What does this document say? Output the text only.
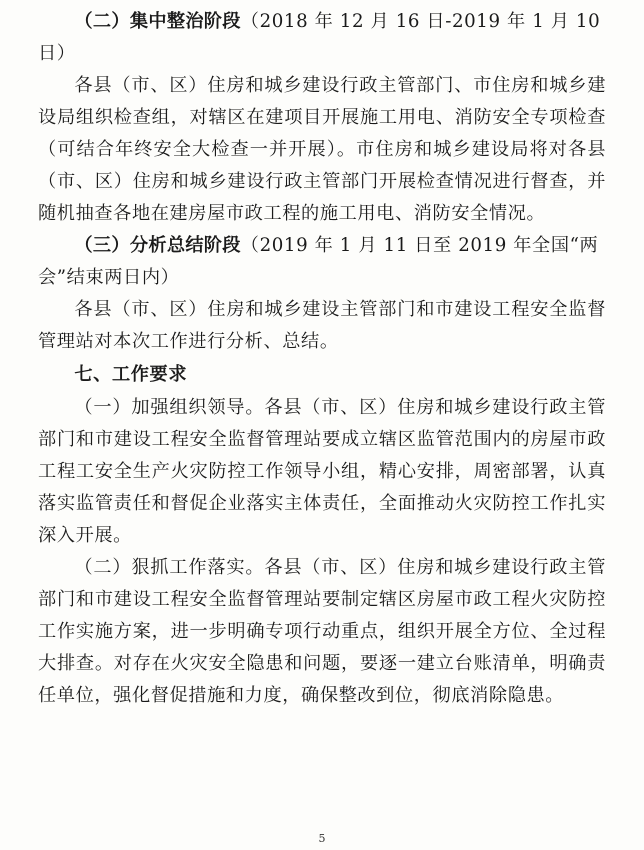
（二）集中整治阶段（2018 年 12 月 16 日-2019 年 1 月 10 日）

各县（市、区）住房和城乡建设行政主管部门、市住房和城乡建设局组织检查组，对辖区在建项目开展施工用电、消防安全专项检查（可结合年终安全大检查一并开展）。市住房和城乡建设局将对各县（市、区）住房和城乡建设行政主管部门开展检查情况进行督查，并随机抽查各地在建房屋市政工程的施工用电、消防安全情况。

（三）分析总结阶段（2019 年 1 月 11 日至 2019 年全国“两会”结束两日内）

各县（市、区）住房和城乡建设主管部门和市建设工程安全监督管理站对本次工作进行分析、总结。

七、工作要求

（一）加强组织领导。各县（市、区）住房和城乡建设行政主管部门和市建设工程安全监督管理站要成立辖区监管范围内的房屋市政工程工安全生产火灾防控工作领导小组，精心安排，周密部署，认真落实监管责任和督促企业落实主体责任，全面推动火灾防控工作扎实深入开展。

（二）狠抓工作落实。各县（市、区）住房和城乡建设行政主管部门和市建设工程安全监督管理站要制定辖区房屋市政工程火灾防控工作实施方案，进一步明确专项行动重点，组织开展全方位、全过程大排查。对存在火灾安全隐患和问题，要逐一建立台账清单，明确责任单位，强化督促措施和力度，确保整改到位，彻底消除隐患。

5
